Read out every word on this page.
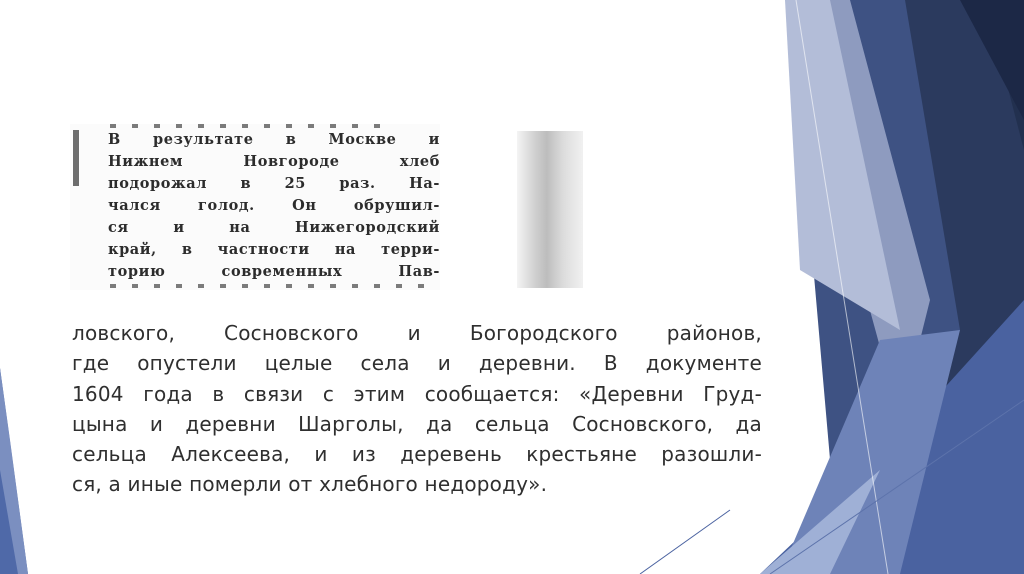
В результате в Москве и
Нижнем Новгороде хлеб
подорожал в 25 раз. На-
чался голод. Он обрушил-
ся и на Нижегородский
край, в частности на терри-
торию современных Пав-
ловского, Сосновского и Богородского районов,
где опустели целые села и деревни. В документе
1604 года в связи с этим сообщается: «Деревни Груд-
цына и деревни Шарголы, да сельца Сосновского, да
сельца Алексеева, и из деревень крестьяне разошли-
ся, а иные померли от хлебного недороду».
